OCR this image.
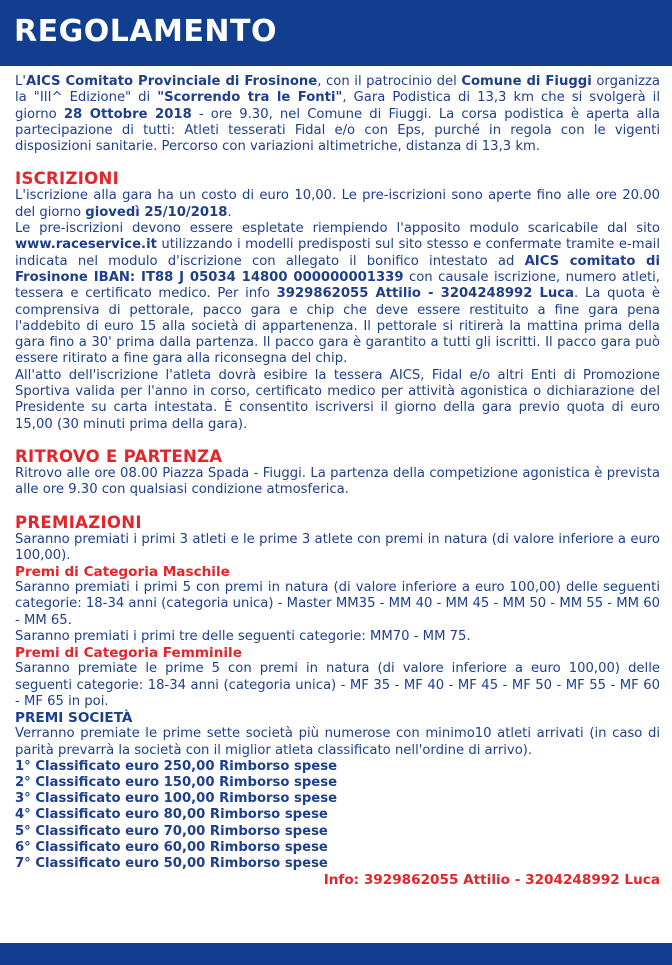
REGOLAMENTO

L'AICS Comitato Provinciale di Frosinone, con il patrocinio del Comune di Fiuggi organizza la "III^ Edizione" di "Scorrendo tra le Fonti", Gara Podistica di 13,3 km che si svolgerà il giorno 28 Ottobre 2018 - ore 9.30, nel Comune di Fiuggi. La corsa podistica è aperta alla partecipazione di tutti: Atleti tesserati Fidal e/o con Eps, purché in regola con le vigenti disposizioni sanitarie. Percorso con variazioni altimetriche, distanza di 13,3 km.

ISCRIZIONI

L'iscrizione alla gara ha un costo di euro 10,00. Le pre-iscrizioni sono aperte fino alle ore 20.00 del giorno giovedì 25/10/2018.

Le pre-iscrizioni devono essere espletate riempiendo l'apposito modulo scaricabile dal sito www.raceservice.it utilizzando i modelli predisposti sul sito stesso e confermate tramite e-mail indicata nel modulo d'iscrizione con allegato il bonifico intestato ad AICS comitato di Frosinone IBAN: IT88 J 05034 14800 000000001339 con causale iscrizione, numero atleti, tessera e certificato medico. Per info 3929862055 Attilio - 3204248992 Luca. La quota è comprensiva di pettorale, pacco gara e chip che deve essere restituito a fine gara pena l'addebito di euro 15 alla società di appartenenza. Il pettorale si ritirerà la mattina prima della gara fino a 30' prima dalla partenza. Il pacco gara è garantito a tutti gli iscritti. Il pacco gara può essere ritirato a fine gara alla riconsegna del chip.

All'atto dell'iscrizione l'atleta dovrà esibire la tessera AICS, Fidal e/o altri Enti di Promozione Sportiva valida per l'anno in corso, certificato medico per attività agonistica o dichiarazione del Presidente su carta intestata. È consentito iscriversi il giorno della gara previo quota di euro 15,00 (30 minuti prima della gara).

RITROVO E PARTENZA

Ritrovo alle ore 08.00 Piazza Spada - Fiuggi. La partenza della competizione agonistica è prevista alle ore 9.30 con qualsiasi condizione atmosferica.

PREMIAZIONI

Saranno premiati i primi 3 atleti e le prime 3 atlete con premi in natura (di valore inferiore a euro 100,00).

Premi di Categoria Maschile

Saranno premiati i primi 5 con premi in natura (di valore inferiore a euro 100,00) delle seguenti categorie: 18-34 anni (categoria unica) - Master MM35 - MM 40 - MM 45 - MM 50 - MM 55 - MM 60 - MM 65.

Saranno premiati i primi tre delle seguenti categorie: MM70 - MM 75.

Premi di Categoria Femminile

Saranno premiate le prime 5 con premi in natura (di valore inferiore a euro 100,00) delle seguenti categorie: 18-34 anni (categoria unica) - MF 35 - MF 40 - MF 45 - MF 50 - MF 55 - MF 60 - MF 65 in poi.

PREMI SOCIETÀ

Verranno premiate le prime sette società più numerose con minimo10 atleti arrivati (in caso di parità prevarrà la società con il miglior atleta classificato nell'ordine di arrivo).

1° Classificato euro 250,00 Rimborso spese
2° Classificato euro 150,00 Rimborso spese
3° Classificato euro 100,00 Rimborso spese
4° Classificato euro 80,00 Rimborso spese
5° Classificato euro 70,00 Rimborso spese
6° Classificato euro 60,00 Rimborso spese
7° Classificato euro 50,00 Rimborso spese

Info: 3929862055 Attilio - 3204248992 Luca
